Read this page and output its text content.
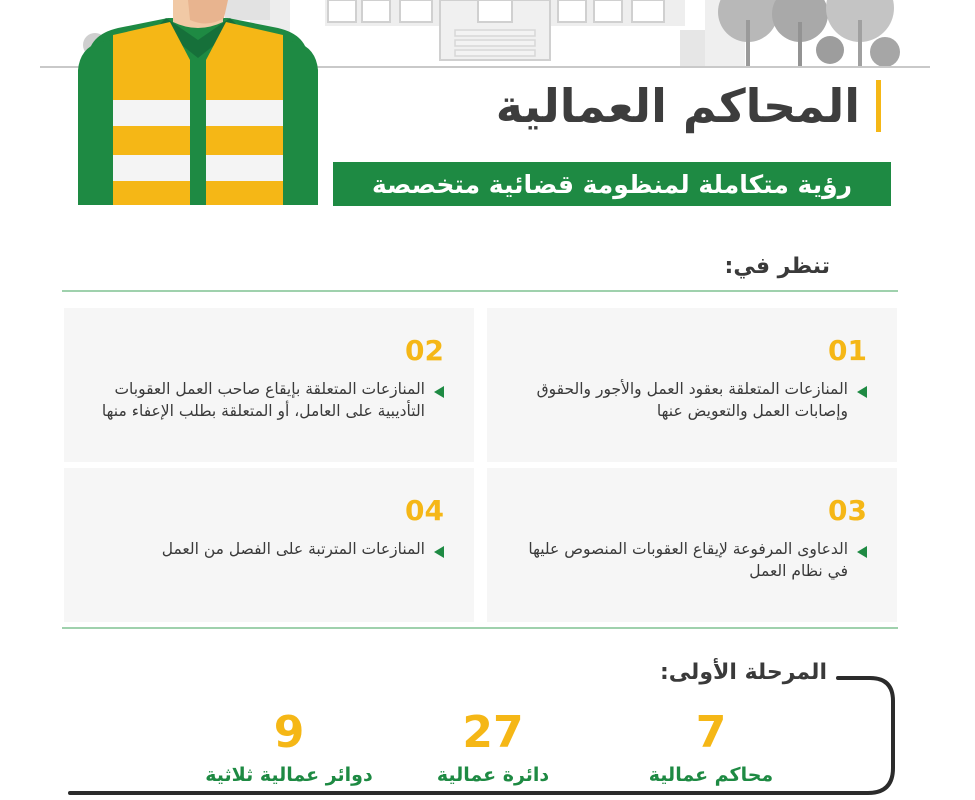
المحاكم العمالية
رؤية متكاملة لمنظومة قضائية متخصصة
تنظر في:
01
المنازعات المتعلقة بعقود العمل والأجور والحقوق وإصابات العمل والتعويض عنها
02
المنازعات المتعلقة بإيقاع صاحب العمل العقوبات التأديبية على العامل، أو المتعلقة بطلب الإعفاء منها
03
الدعاوى المرفوعة لإيقاع العقوبات المنصوص عليها في نظام العمل
04
المنازعات المترتبة على الفصل من العمل
المرحلة الأولى:
7
محاكم عمالية
27
دائرة عمالية
9
دوائر عمالية ثلاثية
